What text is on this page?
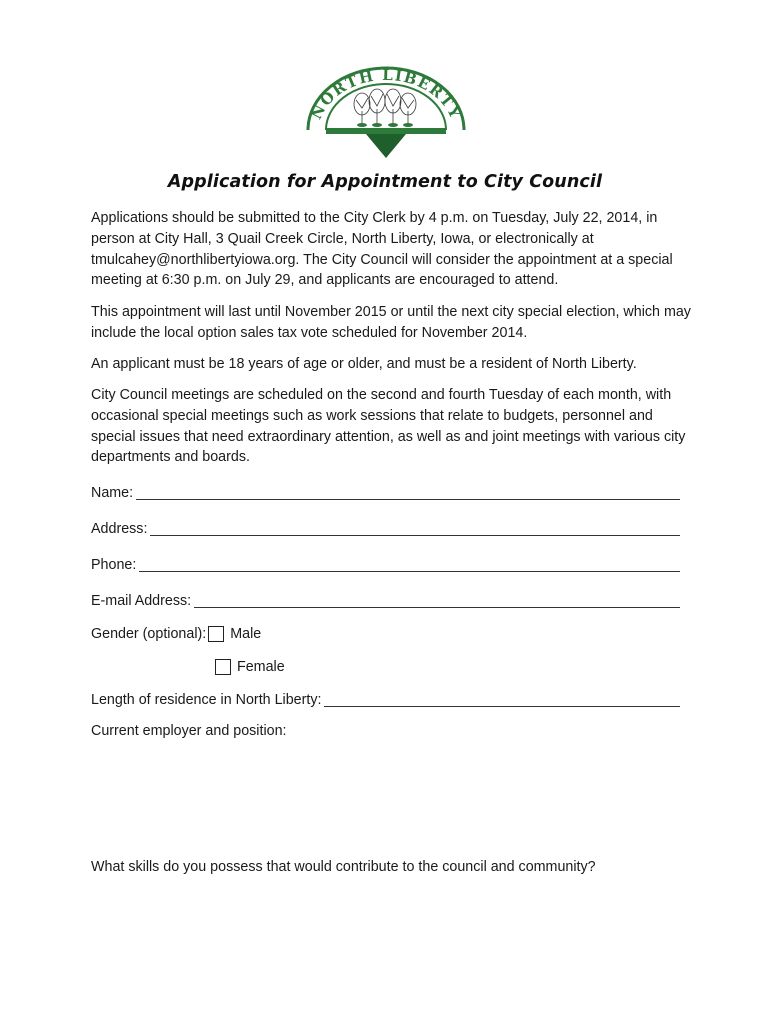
NORTH LIBERTY
Application for Appointment to City Council
Applications should be submitted to the City Clerk by 4 p.m. on Tuesday, July 22, 2014, in person at City Hall, 3 Quail Creek Circle, North Liberty, Iowa, or electronically at tmulcahey@northlibertyiowa.org. The City Council will consider the appointment at a special meeting at 6:30 p.m. on July 29, and applicants are encouraged to attend.
This appointment will last until November 2015 or until the next city special election, which may include the local option sales tax vote scheduled for November 2014.
An applicant must be 18 years of age or older, and must be a resident of North Liberty.
City Council meetings are scheduled on the second and fourth Tuesday of each month, with occasional special meetings such as work sessions that relate to budgets, personnel and special issues that need extraordinary attention, as well as and joint meetings with various city departments and boards.
Name:
Address:
Phone:
E-mail Address:
Gender (optional): Male
Female
Length of residence in North Liberty:
Current employer and position:
What skills do you possess that would contribute to the council and community?
